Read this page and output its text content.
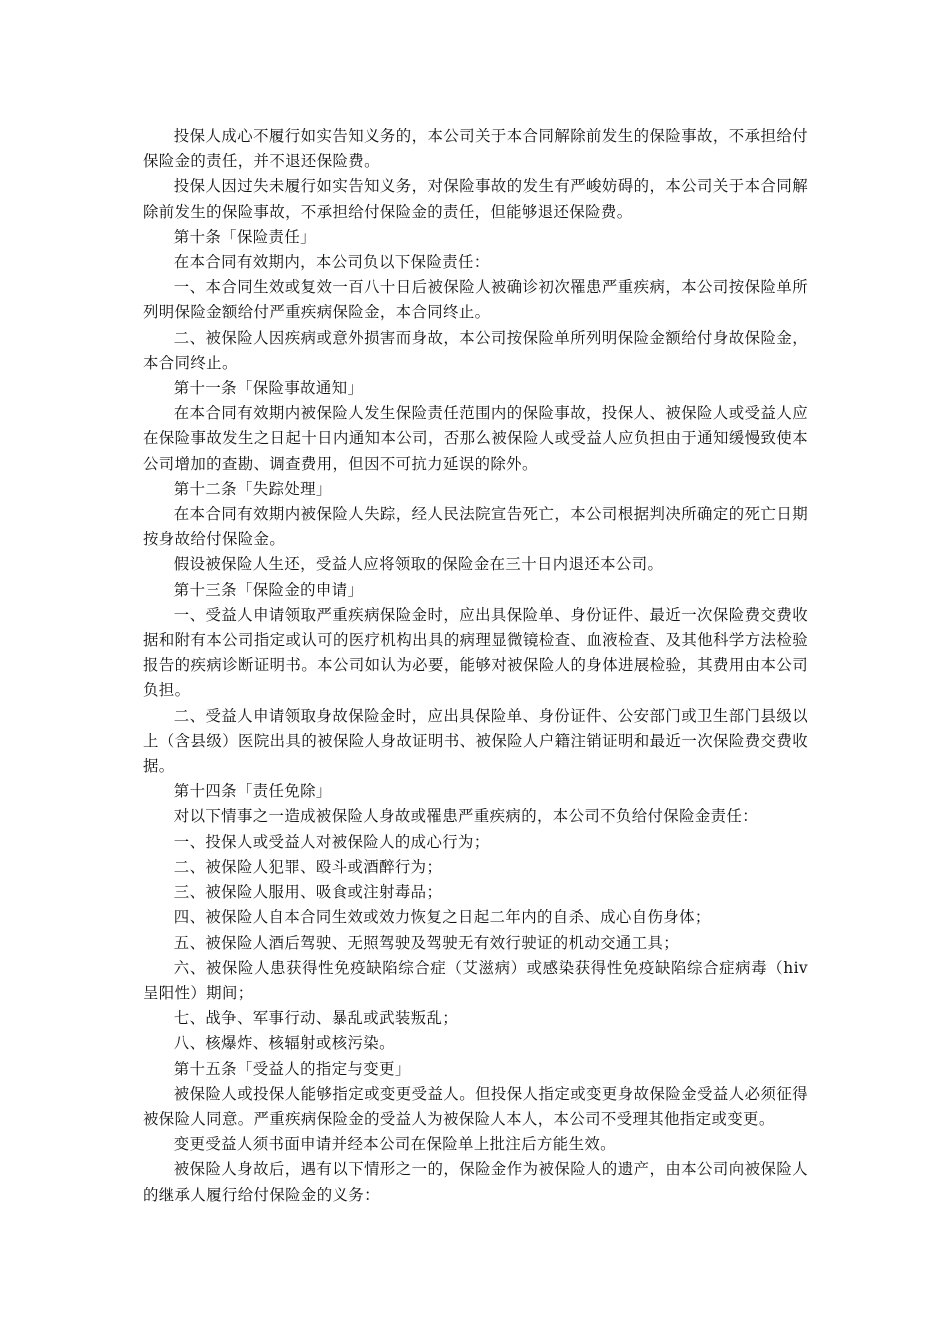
投保人成心不履行如实告知义务的，本公司关于本合同解除前发生的保险事故，不承担给付保险金的责任，并不退还保险费。

投保人因过失未履行如实告知义务，对保险事故的发生有严峻妨碍的，本公司关于本合同解除前发生的保险事故，不承担给付保险金的责任，但能够退还保险费。

第十条「保险责任」

在本合同有效期内，本公司负以下保险责任：

一、本合同生效或复效一百八十日后被保险人被确诊初次罹患严重疾病，本公司按保险单所列明保险金额给付严重疾病保险金，本合同终止。

二、被保险人因疾病或意外损害而身故，本公司按保险单所列明保险金额给付身故保险金，本合同终止。

第十一条「保险事故通知」

在本合同有效期内被保险人发生保险责任范围内的保险事故，投保人、被保险人或受益人应在保险事故发生之日起十日内通知本公司，否那么被保险人或受益人应负担由于通知缓慢致使本公司增加的查勘、调查费用，但因不可抗力延误的除外。

第十二条「失踪处理」

在本合同有效期内被保险人失踪，经人民法院宣告死亡，本公司根据判决所确定的死亡日期按身故给付保险金。

假设被保险人生还，受益人应将领取的保险金在三十日内退还本公司。

第十三条「保险金的申请」

一、受益人申请领取严重疾病保险金时，应出具保险单、身份证件、最近一次保险费交费收据和附有本公司指定或认可的医疗机构出具的病理显微镜检查、血液检查、及其他科学方法检验报告的疾病诊断证明书。本公司如认为必要，能够对被保险人的身体进展检验，其费用由本公司负担。

二、受益人申请领取身故保险金时，应出具保险单、身份证件、公安部门或卫生部门县级以上（含县级）医院出具的被保险人身故证明书、被保险人户籍注销证明和最近一次保险费交费收据。

第十四条「责任免除」

对以下情事之一造成被保险人身故或罹患严重疾病的，本公司不负给付保险金责任：

一、投保人或受益人对被保险人的成心行为；

二、被保险人犯罪、殴斗或酒醉行为；

三、被保险人服用、吸食或注射毒品；

四、被保险人自本合同生效或效力恢复之日起二年内的自杀、成心自伤身体；

五、被保险人酒后驾驶、无照驾驶及驾驶无有效行驶证的机动交通工具；

六、被保险人患获得性免疫缺陷综合症（艾滋病）或感染获得性免疫缺陷综合症病毒（hiv 呈阳性）期间；

七、战争、军事行动、暴乱或武装叛乱；

八、核爆炸、核辐射或核污染。

第十五条「受益人的指定与变更」

被保险人或投保人能够指定或变更受益人。但投保人指定或变更身故保险金受益人必须征得被保险人同意。严重疾病保险金的受益人为被保险人本人，本公司不受理其他指定或变更。

变更受益人须书面申请并经本公司在保险单上批注后方能生效。

被保险人身故后，遇有以下情形之一的，保险金作为被保险人的遗产，由本公司向被保险人的继承人履行给付保险金的义务：
